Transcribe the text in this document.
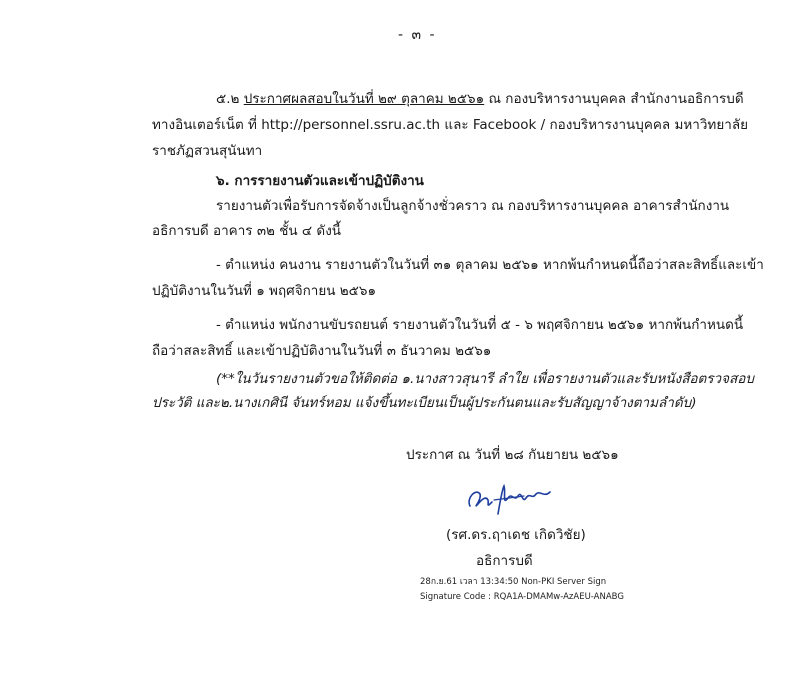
- ๓ -
๕.๒ ประกาศผลสอบในวันที่ ๒๙ ตุลาคม ๒๕๖๑ ณ กองบริหารงานบุคคล สำนักงานอธิการบดี
ทางอินเตอร์เน็ต ที่ http://personnel.ssru.ac.th และ Facebook / กองบริหารงานบุคคล มหาวิทยาลัย
ราชภัฏสวนสุนันทา
๖. การรายงานตัวและเข้าปฏิบัติงาน
รายงานตัวเพื่อรับการจัดจ้างเป็นลูกจ้างชั่วคราว ณ กองบริหารงานบุคคล อาคารสำนักงาน
อธิการบดี อาคาร ๓๒ ชั้น ๔ ดังนี้
- ตำแหน่ง คนงาน รายงานตัวในวันที่ ๓๑ ตุลาคม ๒๕๖๑ หากพ้นกำหนดนี้ถือว่าสละสิทธิ์และเข้า
ปฏิบัติงานในวันที่ ๑ พฤศจิกายน ๒๕๖๑
- ตำแหน่ง พนักงานขับรถยนต์ รายงานตัวในวันที่ ๕ - ๖ พฤศจิกายน ๒๕๖๑ หากพ้นกำหนดนี้
ถือว่าสละสิทธิ์ และเข้าปฏิบัติงานในวันที่ ๓ ธันวาคม ๒๕๖๑
(**ในวันรายงานตัวขอให้ติดต่อ ๑.นางสาวสุนารี ลำใย เพื่อรายงานตัวและรับหนังสือตรวจสอบ
ประวัติ และ๒.นางเกศินี จันทร์หอม แจ้งขึ้นทะเบียนเป็นผู้ประกันตนและรับสัญญาจ้างตามลำดับ)
ประกาศ ณ วันที่ ๒๘ กันยายน ๒๕๖๑
(รศ.ดร.ฤาเดช เกิดวิชัย)
อธิการบดี
28ก.ย.61 เวลา 13:34:50 Non-PKI Server Sign
Signature Code : RQA1A-DMAMw-AzAEU-ANABG
